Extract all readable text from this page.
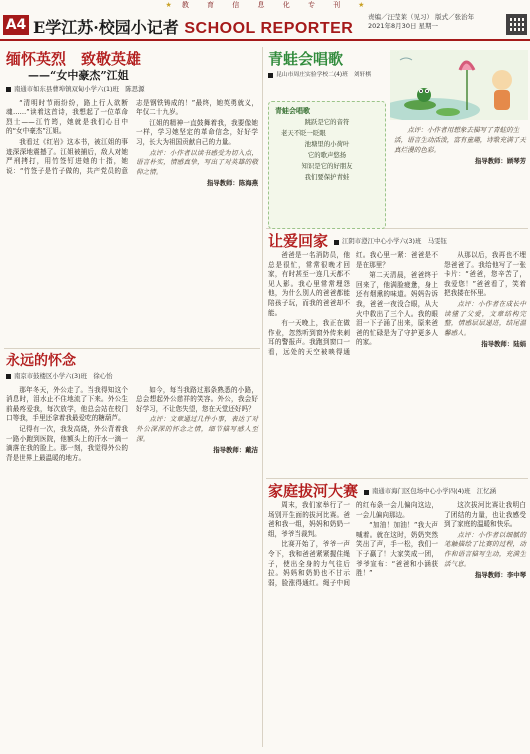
★ 教 育 信 息 化 专 刊 ★
A4 E学江苏·校园小记者 SCHOOL REPORTER
责编／汪莹莱（见习） 版式／张治年
2021年8月30日 星期一
缅怀英烈　致敬英雄
——“女中豪杰”江姐
南通市如东县曹埠镇双甸小学六(1)班　陈思源

“清明时节雨纷纷，路上行人欲断魂……”读着这首诗，我想起了一位革命烈士——江竹筠，她就是我们心目中的“女中豪杰”江姐。

我看过《红岩》这本书，被江姐的事迹深深地震撼了。江姐被捕后，敌人对她严刑拷打，用竹签钉进她的十指，她说：“竹签子是竹子做的，共产党员的意志是钢铁铸成的！”最终，她英勇就义，年仅二十九岁。

江姐的精神一直鼓舞着我，我要像她一样，学习她坚定的革命信念，好好学习，长大为祖国贡献自己的力量。

点评：小作者以读书感受为切入点，语言朴实，情感真挚，写出了对英雄的敬仰之情。

指导教师：陈海燕
永远的怀念
南京市鼓楼区小学六(3)班　徐心怡

那年冬天，外公走了。当我得知这个消息时，泪水止不住地流了下来。外公生前最疼爱我，每次放学，他总会站在校门口等我，手里还拿着我最爱吃的糖葫芦。

记得有一次，我发高烧，外公背着我一路小跑到医院，他额头上的汗水一滴一滴落在我的脸上。那一刻，我觉得外公的背是世界上最温暖的地方。

如今，每当我路过那条熟悉的小路，总会想起外公慈祥的笑容。外公，我会好好学习，不让您失望，您在天堂还好吗？

点评：文章通过几件小事，表达了对外公深深的怀念之情，细节描写感人至深。

指导教师：戴洁
青蛙会唱歌
昆山市周庄实验学校二(4)班　刘轩棋
青蛙会唱歌
跳跃是它的音符
老天不眨一眨眼
池塘里的小荷叶
它的歌声悠扬
知识是它的好朋友
我们要保护青蛙

点评：小作者用想象去描写了青蛙的生活，语言生动活泼，富有童趣，诗歌充满了天真烂漫的色彩。

指导教师：顾琴芳
让爱回家 江阴市澄江中心小学六(3)班　马雯钰

爸爸是一名消防员，他总是很忙，常常很晚才回家，有时甚至一连几天都不见人影。我心里常常埋怨他，为什么别人的爸爸都能陪孩子玩，而我的爸爸却不能。

有一天晚上，我正在做作业，忽然听到窗外传来刺耳的警报声。我跑到窗口一看，远处的天空被映得通红。我心里一紧：爸爸是不是在那里？

第二天清晨，爸爸终于回来了，他满脸疲惫，身上还有烟熏的味道。妈妈告诉我，爸爸一夜没合眼，从大火中救出了三个人。我的眼泪一下子涌了出来，原来爸爸的忙碌是为了守护更多人的家。

从那以后，我再也不埋怨爸爸了。我给他写了一张卡片：“爸爸，您辛苦了，我爱您！”爸爸看了，笑着把我搂在怀里。

点评：小作者在成长中读懂了父爱，文章结构完整，情感层层递进，结尾温馨感人。

指导教师：陆娟
家庭拔河大赛 南通市海门区包场中心小学四(4)班　江忆涵

周末，我们家举行了一场别开生面的拔河比赛。爸爸和我一组，妈妈和奶奶一组，爷爷当裁判。

比赛开始了，爷爷一声令下，我和爸爸紧紧握住绳子，使出全身的力气往后拉。妈妈和奶奶也不甘示弱，脸涨得通红。绳子中间的红布条一会儿偏向这边，一会儿偏向那边。

“加油！加油！”我大声喊着。就在这时，奶奶突然笑出了声，手一松，我们一下子赢了！大家笑成一团，爷爷宣布：“爸爸和小涵获胜！”

这次拔河比赛让我明白了团结的力量，也让我感受到了家庭的温暖和快乐。

点评：小作者以细腻的笔触描绘了比赛的过程，动作和语言描写生动，充满生活气息。

指导教师：李中琴
